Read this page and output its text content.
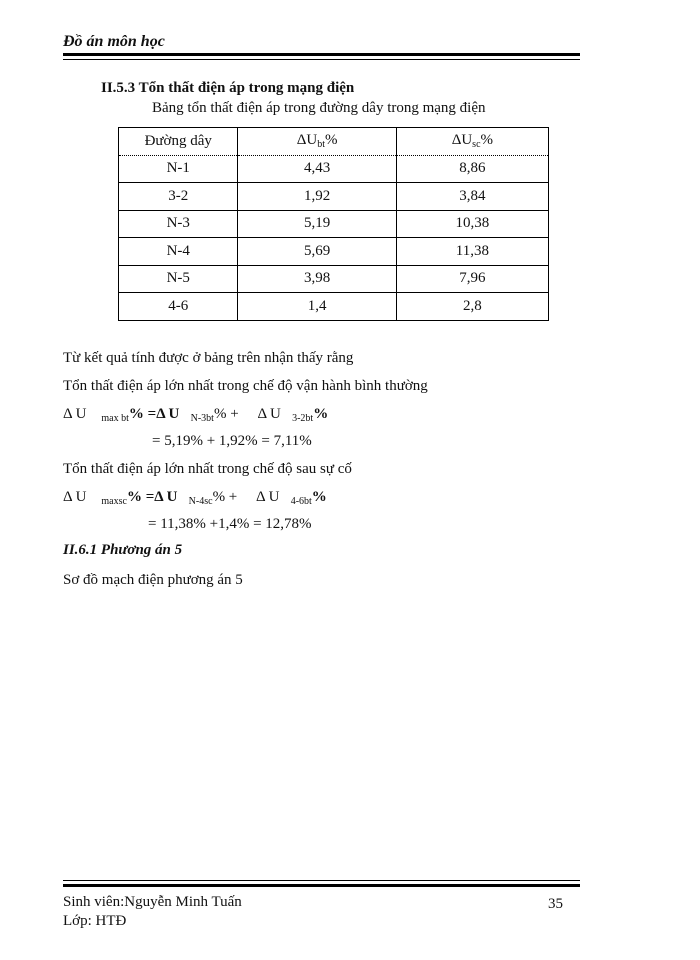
Đồ án môn học
II.5.3 Tổn thất điện áp trong mạng điện
Bảng tổn thất điện áp trong đường dây trong mạng điện
Đường dây	$\Delta U_{bt}\%$	$\Delta U_{sc}\%$
N-1	4,43	8,86
3-2	1,92	3,84
N-3	5,19	10,38
N-4	5,69	11,38
N-5	3,98	7,96
4-6	1,4	2,8
Từ kết quả tính được ở bảng trên nhận thấy rằng
Tổn thất điện áp lớn nhất trong chế độ vận hành bình thường
Δ U $_{max bt}$% =Δ U $_{N-3bt}$% + Δ U $_{3-2bt}$%
= 5,19% + 1,92% = 7,11%
Tổn thất điện áp lớn nhất trong chế độ sau sự cố
Δ U $_{maxsc}$% =Δ U $_{N-4sc}$% + Δ U $_{4-6bt}$%
= 11,38% +1,4% = 12,78%
II.6.1 Phương án 5
Sơ đồ mạch điện phương án 5
Sinh viên:Nguyễn Minh Tuấn
Lớp: HTĐ
35
